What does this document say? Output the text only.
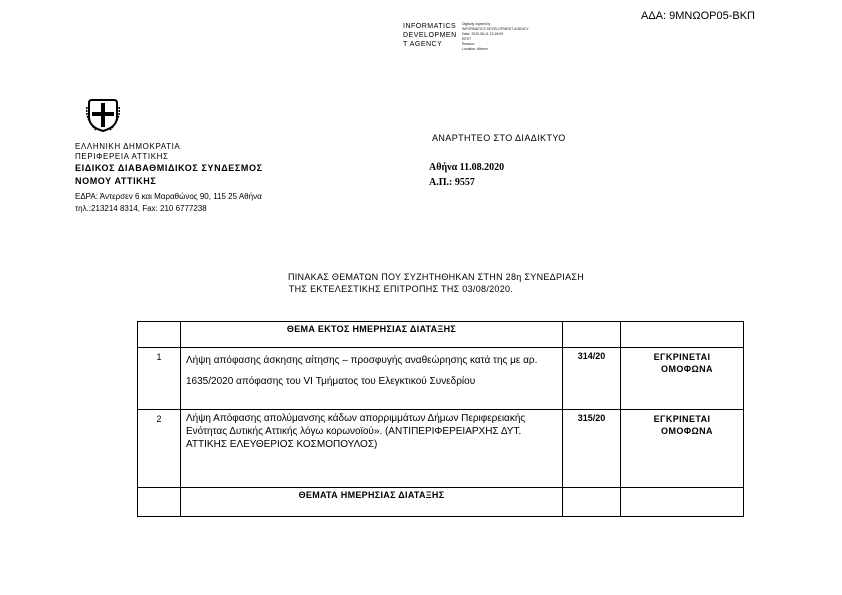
ΑΔΑ: 9ΜΝΩΟΡ05-ΒΚΠ
INFORMATICS
DEVELOPMEN
T AGENCY
Digitally signed by
INFORMATICS DEVELOPMENT AGENCY
Date: 2020.08.11 13:18:59
EEST
Reason:
Location: Athens
ΕΛΛΗΝΙΚΗ ΔΗΜΟΚΡΑΤΙΑ
ΠΕΡΙΦΕΡΕΙΑ ΑΤΤΙΚΗΣ
ΕΙΔΙΚΟΣ ΔΙΑΒΑΘΜΙΔΙΚΟΣ ΣΥΝΔΕΣΜΟΣ
ΝΟΜΟΥ ΑΤΤΙΚΗΣ
ΕΔΡΑ: Άντερσεν 6 και Μαραθώνος 90, 115 25 Αθήνα
τηλ.:213214 8314, Fax: 210 6777238
ΑΝΑΡΤΗΤΕΟ ΣΤΟ ΔΙΑΔΙΚΤΥΟ
Αθήνα 11.08.2020
Α.Π.: 9557
ΠΙΝΑΚΑΣ ΘΕΜΑΤΩΝ ΠΟΥ ΣΥΖΗΤΗΘΗΚΑΝ ΣΤΗΝ 28η ΣΥΝΕΔΡΙΑΣΗ
ΤΗΣ ΕΚΤΕΛΕΣΤΙΚΗΣ ΕΠΙΤΡΟΠΗΣ ΤΗΣ 03/08/2020.
	ΘΕΜΑ ΕΚΤΟΣ ΗΜΕΡΗΣΙΑΣ ΔΙΑΤΑΞΗΣ		
1	Λήψη απόφασης άσκησης αίτησης – προσφυγής αναθεώρησης κατά της με αρ. 1635/2020 απόφασης του VI Τμήματος του Ελεγκτικού Συνεδρίου	314/20	ΕΓΚΡΙΝΕΤΑΙ
ΟΜΟΦΩΝΑ

2	Λήψη Απόφασης απολύμανσης κάδων απορριμμάτων Δήμων Περιφερειακής Ενότητας Δυτικής Αττικής λόγω κορωνοϊού». (ΑΝΤΙΠΕΡΙΦΕΡΕΙΑΡΧΗΣ ΔΥΤ. ΑΤΤΙΚΗΣ ΕΛΕΥΘΕΡΙΟΣ ΚΟΣΜΟΠΟΥΛΟΣ)	315/20	ΕΓΚΡΙΝΕΤΑΙ
ΟΜΟΦΩΝΑ

	ΘΕΜΑΤΑ ΗΜΕΡΗΣΙΑΣ ΔΙΑΤΑΞΗΣ		
